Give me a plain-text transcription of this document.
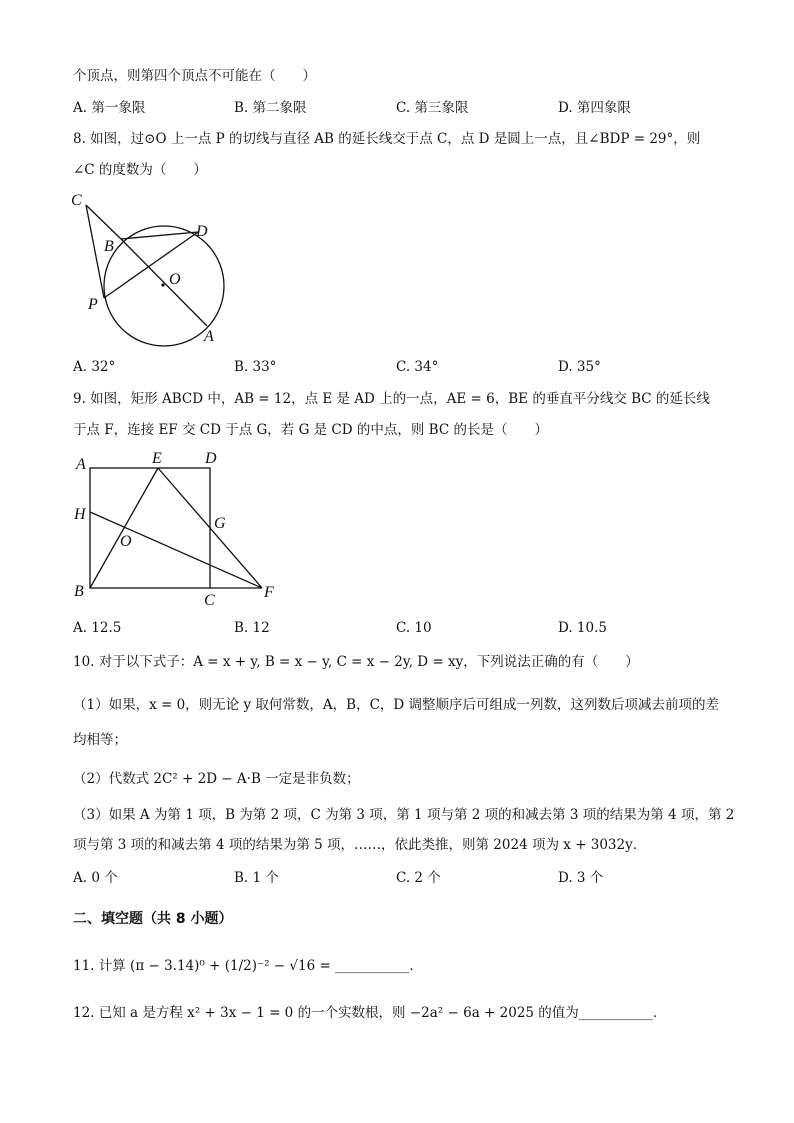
个顶点，则第四个顶点不可能在（　　）
A. 第一象限	B. 第二象限	C. 第三象限	D. 第四象限
8. 如图，过⊙O 上一点 P 的切线与直径 AB 的延长线交于点 C，点 D 是圆上一点，且∠BDP = 29°，则
∠C 的度数为（　　）
C
B
D
O
P
A
A. 32°	B. 33°	C. 34°	D. 35°
9. 如图，矩形 ABCD 中，AB = 12，点 E 是 AD 上的一点，AE = 6，BE 的垂直平分线交 BC 的延长线
于点 F，连接 EF 交 CD 于点 G，若 G 是 CD 的中点，则 BC 的长是（　　）
A	E	D
H
G
O
B
C	F
A. 12.5	B. 12	C. 10	D. 10.5
10. 对于以下式子：A = x + y, B = x − y, C = x − 2y, D = xy，下列说法正确的有（　　）
（1）如果，x = 0，则无论 y 取何常数，A，B，C，D 调整顺序后可组成一列数，这列数后项减去前项的差
均相等；
（2）代数式 2C² + 2D − A·B 一定是非负数；
（3）如果 A 为第 1 项，B 为第 2 项，C 为第 3 项，第 1 项与第 2 项的和减去第 3 项的结果为第 4 项，第 2
项与第 3 项的和减去第 4 项的结果为第 5 项，……，依此类推，则第 2024 项为 x + 3032y．
A. 0 个	B. 1 个	C. 2 个	D. 3 个
二、填空题（共 8 小题）
11. 计算 (π − 3.14)⁰ + (1/2)⁻² − √16 = ___________．
12. 已知 a 是方程 x² + 3x − 1 = 0 的一个实数根，则 −2a² − 6a + 2025 的值为___________．
